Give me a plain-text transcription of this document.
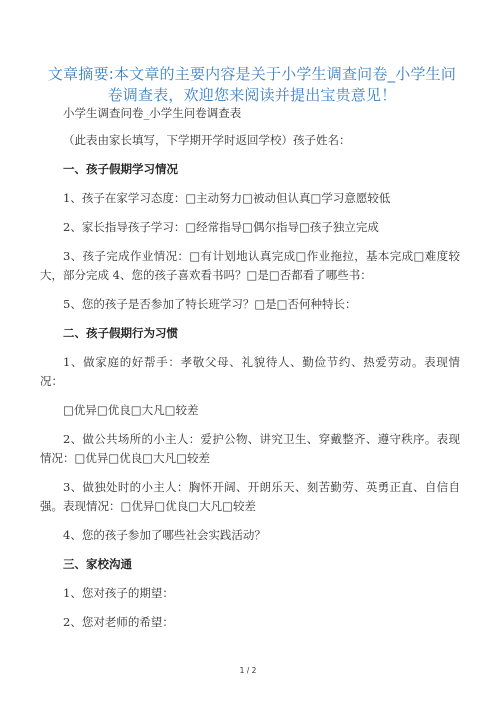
文章摘要:本文章的主要内容是关于小学生调查问卷_小学生问
卷调查表，欢迎您来阅读并提出宝贵意见！

小学生调查问卷_小学生问卷调查表

（此表由家长填写，下学期开学时返回学校）孩子姓名：

一、孩子假期学习情况

1、孩子在家学习态度：□主动努力□被动但认真□学习意愿较低

2、家长指导孩子学习：□经常指导□偶尔指导□孩子独立完成

3、孩子完成作业情况：□有计划地认真完成□作业拖拉，基本完成□难度较大，部分完成 4、您的孩子喜欢看书吗？□是□否都看了哪些书：

5、您的孩子是否参加了特长班学习？□是□否何种特长：

二、孩子假期行为习惯

1、做家庭的好帮手：孝敬父母、礼貌待人、勤俭节约、热爱劳动。表现情况：

□优异□优良□大凡□较差

2、做公共场所的小主人：爱护公物、讲究卫生、穿戴整齐、遵守秩序。表现情况：□优异□优良□大凡□较差

3、做独处时的小主人：胸怀开阔、开朗乐天、刻苦勤劳、英勇正直、自信自强。表现情况：□优异□优良□大凡□较差

4、您的孩子参加了哪些社会实践活动？

三、家校沟通

1、您对孩子的期望：

2、您对老师的希望：

1 / 2
